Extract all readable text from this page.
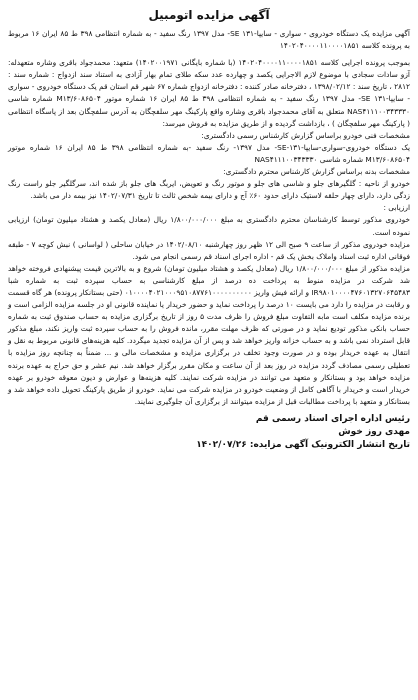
آگهی مزایده اتومبیل

آگهی مزایده یک دستگاه خودروی - سواری - سایپا-SE ۱۳۱- مدل ۱۳۹۷ رنگ سفید - به شماره انتظامی ۳۹۸ ط ۸۵ ایران ۱۶ مربوط به پرونده کلاسه ۱۴۰۲۰۴۰۰۰۰۱۱۰۰۰۰۱۸۵۱

بموجب پرونده اجرایی کلاسه ۱۴۰۲۰۴۰۰۰۰۱۱۰۰۰۰۱۸۵۱ (با شماره بایگانی ۱۴۰۲۰۰۱۹۷۱) متعهد: محمدجواد باقری وشاره متعهدله: آزو سادات سجادی با موضوع لازم الاجرایی یکصد و چهارده عدد سکه طلای تمام بهار آزادی به استناد سند ازدواج : شماره سند : ۲۸۱۲ ، تاریخ سند : ۱۳۹۸/۰۲/۱۲ ، دفترخانه صادر کننده : دفترخانه ازدواج شماره ۶۷ شهر قم استان قم یک دستگاه خودروی - سواری - سایپا-SE ۱۳۱- مدل ۱۳۹۷ رنگ سفید - به شماره انتظامی ۳۹۸ ط ۸۵ ایران ۱۶ شماره موتور M۱۳/۶۰۸۶۵۰۴ شماره شاسی NAS۴۱۱۱۰۰۳۴۳۳۳۰ متعلق به آقای محمدجواد باقری وشاره واقع پارکینگ مهر سلفچگان به آدرس سلفچگان بعد از پاسگاه انتظامی ( پارکینگ مهر سلفچگان ) ، بازداشت گردیده و از طریق مزایده به فروش میرسد:

مشخصات فنی خودرو براساس گزارش کارشناس رسمی دادگستری:

یک دستگاه خودروی-سواری-سایپا-SE-۱۳۱- مدل ۱۳۹۷- رنگ سفید -به شماره انتظامی ۳۹۸ ط ۸۵ ایران ۱۶ شماره موتور M۱۳/۶۰۸۶۵۰۴ شماره شاسی NAS۴۱۱۱۰۰۳۴۳۳۳۰

مشخصات بدنه براساس گزارش کارشناس محترم دادگستری:

خودرو از ناحیه : گلگیرهای جلو و شاسی های جلو و موتور رنگ و تعویض، ایربگ های جلو باز شده اند، سرگلگیر جلو راست رنگ زدگی دارد، دارای چهار حلقه لاستیک دارای حدود ۶۰٪ آج و دارای بیمه شخص ثالث تا تاریخ ۱۴۰۲/۰۷/۳۱ نیز بیمه دار می باشد.

ارزیابی :

خودروی مذکور توسط کارشناسان محترم دادگستری به مبلغ ۱/۸۰۰/۰۰۰/۰۰۰ ریال (معادل یکصد و هشتاد میلیون تومان) ارزیابی نموده است.

مزایده خودروی مذکور از ساعت ۹ صبح الی ۱۲ ظهر روز چهارشنبه ۱۴۰۲/۰۸/۱۰ در خیابان ساحلی ( لواسانی ) نبش کوچه ۷ - طبقه فوقانی اداره ثبت اسناد واملاک بخش یک قم - اداره اجرای اسناد قم رسمی انجام می شود.

مزایده مذکور از مبلغ ۱/۸۰۰/۰۰۰/۰۰۰ ریال (معادل یکصد و هشتاد میلیون تومان) شروع و به بالاترین قیمت پیشنهادی فروخته خواهد شد شرکت در مزایده منوط به پرداخت ده درصد از مبلغ کارشناسی به حساب سپرده ثبت به شماره شبا IR۹۸۰۱۰۰۰۰۴۷۶۰۱۳۲۷۰۶۴۵۴۸۳ و ارائه فیش واریز ۰۱۰۰۰۰۴۰۲۱۰۰۰۹۵۱۰۸۷۷۶۱۰۰۰۰۰۰۰۰۰۰ (حتی بستانکار پرونده) هر گاه قسمت و رقابت در مزایده را دارد می بایست ۱۰ درصد را پرداخت نماید و حضور خریدار یا نماینده قانونی او در جلسه مزایده الزامی است و برنده مزایده مکلف است مابه التفاوت مبلغ فروش را ظرف مدت ۵ روز از تاریخ برگزاری مزایده به حساب صندوق ثبت به شماره حساب بانکی مذکور تودیع نماید و در صورتی که ظرف مهلت مقرر، مانده فروش را به حساب سپرده ثبت واریز نکند، مبلغ مذکور قابل استرداد نمی باشد و به حساب خزانه واریز خواهد شد و پس از آن مزایده تجدید میگردد. کلیه هزینه‌های قانونی مربوط به نقل و انتقال به عهده خریدار بوده و در صورت وجود تخلف در برگزاری مزایده و مشخصات مالی و ... ضمناً به چنانچه روز مزایده با تعطیلی رسمی مصادف گردد مزایده در روز بعد از آن ساعت و مکان مقرر برگزار خواهد شد. نیم عشر و حق حراج به عهده برنده مزایده خواهد بود و بستانکار و متعهد می توانند در مزایده شرکت نمایند. کلیه هزینه‌ها و عوارض و دیون معوقه خودرو بر عهده خریدار است و خریدار با آگاهی کامل از وضعیت خودرو در مزایده شرکت می نماید. خودرو از طریق پارکینگ تحویل داده خواهد شد و بستانکار و متعهد با پرداخت مطالبات قبل از مزایده میتوانند از برگزاری آن جلوگیری نمایند.

رئیس اداره اجرای اسناد رسمی قم

مهدی روز خوش

تاریخ انتشار الکترونیک آگهی مزایده: ۱۴۰۲/۰۷/۲۶
